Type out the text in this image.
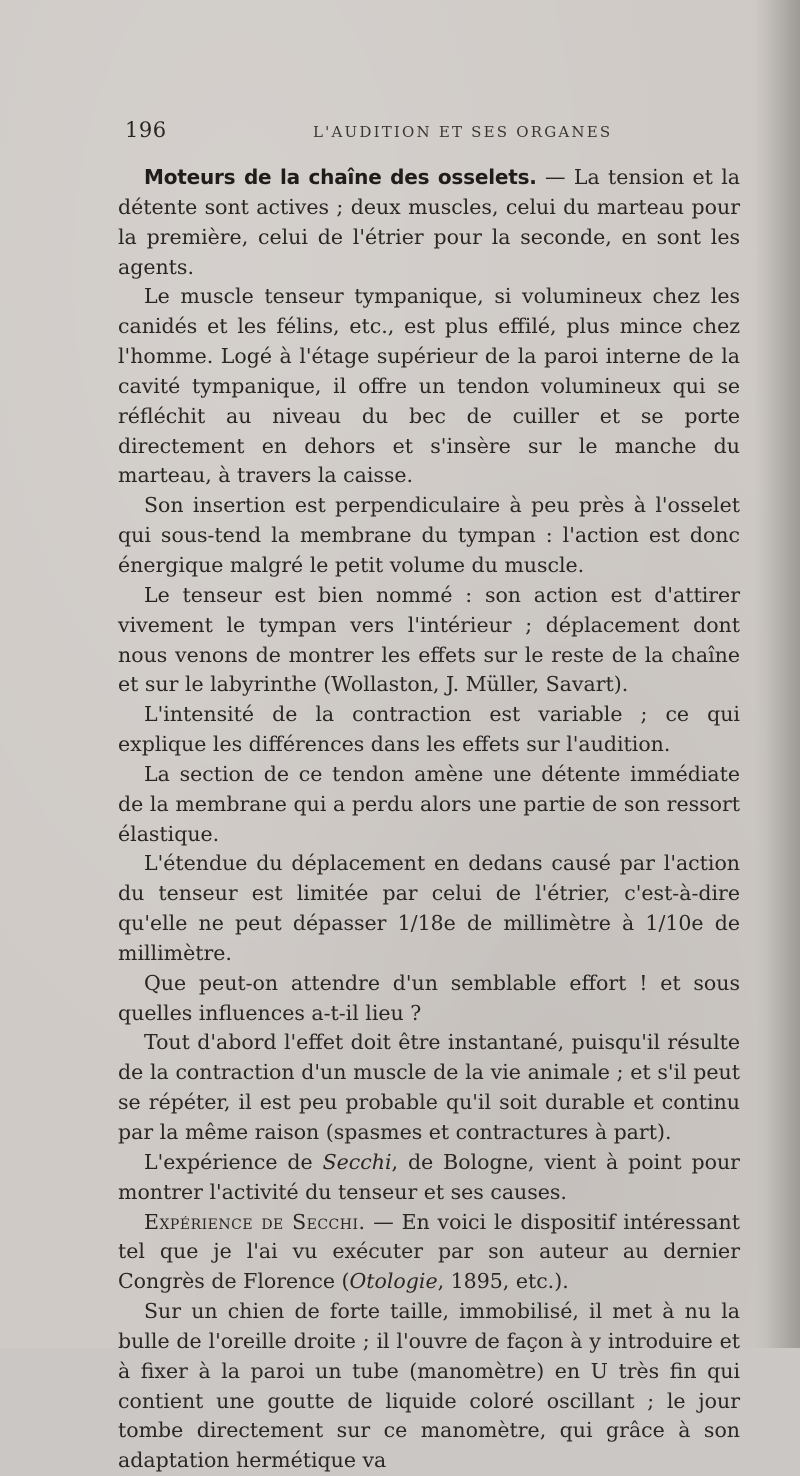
196	L'AUDITION ET SES ORGANES

Moteurs de la chaîne des osselets. — La tension et la détente sont actives ; deux muscles, celui du marteau pour la première, celui de l'étrier pour la seconde, en sont les agents.

Le muscle tenseur tympanique, si volumineux chez les canidés et les félins, etc., est plus effilé, plus mince chez l'homme. Logé à l'étage supérieur de la paroi interne de la cavité tympanique, il offre un tendon volumineux qui se réfléchit au niveau du bec de cuiller et se porte directement en dehors et s'insère sur le manche du marteau, à travers la caisse.

Son insertion est perpendiculaire à peu près à l'osselet qui sous-tend la membrane du tympan : l'action est donc énergique malgré le petit volume du muscle.

Le tenseur est bien nommé : son action est d'attirer vivement le tympan vers l'intérieur ; déplacement dont nous venons de montrer les effets sur le reste de la chaîne et sur le labyrinthe (Wollaston, J. Müller, Savart).

L'intensité de la contraction est variable ; ce qui explique les différences dans les effets sur l'audition.

La section de ce tendon amène une détente immédiate de la membrane qui a perdu alors une partie de son ressort élastique.

L'étendue du déplacement en dedans causé par l'action du tenseur est limitée par celui de l'étrier, c'est-à-dire qu'elle ne peut dépasser 1/18e de millimètre à 1/10e de millimètre.

Que peut-on attendre d'un semblable effort ! et sous quelles influences a-t-il lieu ?

Tout d'abord l'effet doit être instantané, puisqu'il résulte de la contraction d'un muscle de la vie animale ; et s'il peut se répéter, il est peu probable qu'il soit durable et continu par la même raison (spasmes et contractures à part).

L'expérience de Secchi, de Bologne, vient à point pour montrer l'activité du tenseur et ses causes.

Expérience de Secchi. — En voici le dispositif intéressant tel que je l'ai vu exécuter par son auteur au dernier Congrès de Florence (Otologie, 1895, etc.).

Sur un chien de forte taille, immobilisé, il met à nu la bulle de l'oreille droite ; il l'ouvre de façon à y introduire et à fixer à la paroi un tube (manomètre) en U très fin qui contient une goutte de liquide coloré oscillant ; le jour tombe directement sur ce manomètre, qui grâce à son adaptation hermétique va
